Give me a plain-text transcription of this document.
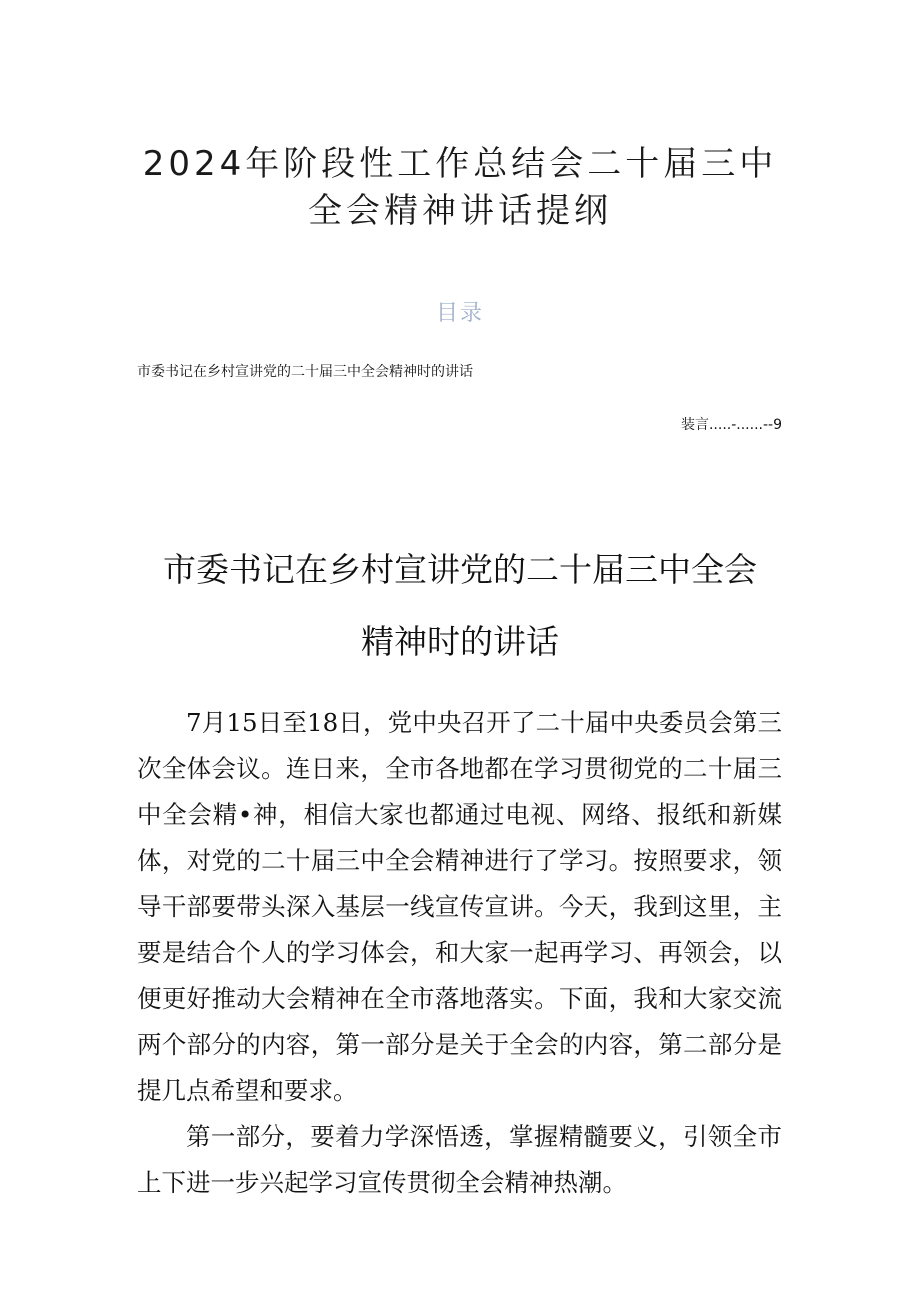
2024年阶段性工作总结会二十届三中
全会精神讲话提纲
目录
市委书记在乡村宣讲党的二十届三中全会精神时的讲话
装言.....-......--9
市委书记在乡村宣讲党的二十届三中全会
精神时的讲话

7月15日至18日，党中央召开了二十届中央委员会第三次全体会议。连日来，全市各地都在学习贯彻党的二十届三中全会精•神，相信大家也都通过电视、网络、报纸和新媒体，对党的二十届三中全会精神进行了学习。按照要求，领导干部要带头深入基层一线宣传宣讲。今天，我到这里，主要是结合个人的学习体会，和大家一起再学习、再领会，以便更好推动大会精神在全市落地落实。下面，我和大家交流两个部分的内容，第一部分是关于全会的内容，第二部分是提几点希望和要求。

第一部分，要着力学深悟透，掌握精髓要义，引领全市上下进一步兴起学习宣传贯彻全会精神热潮。
